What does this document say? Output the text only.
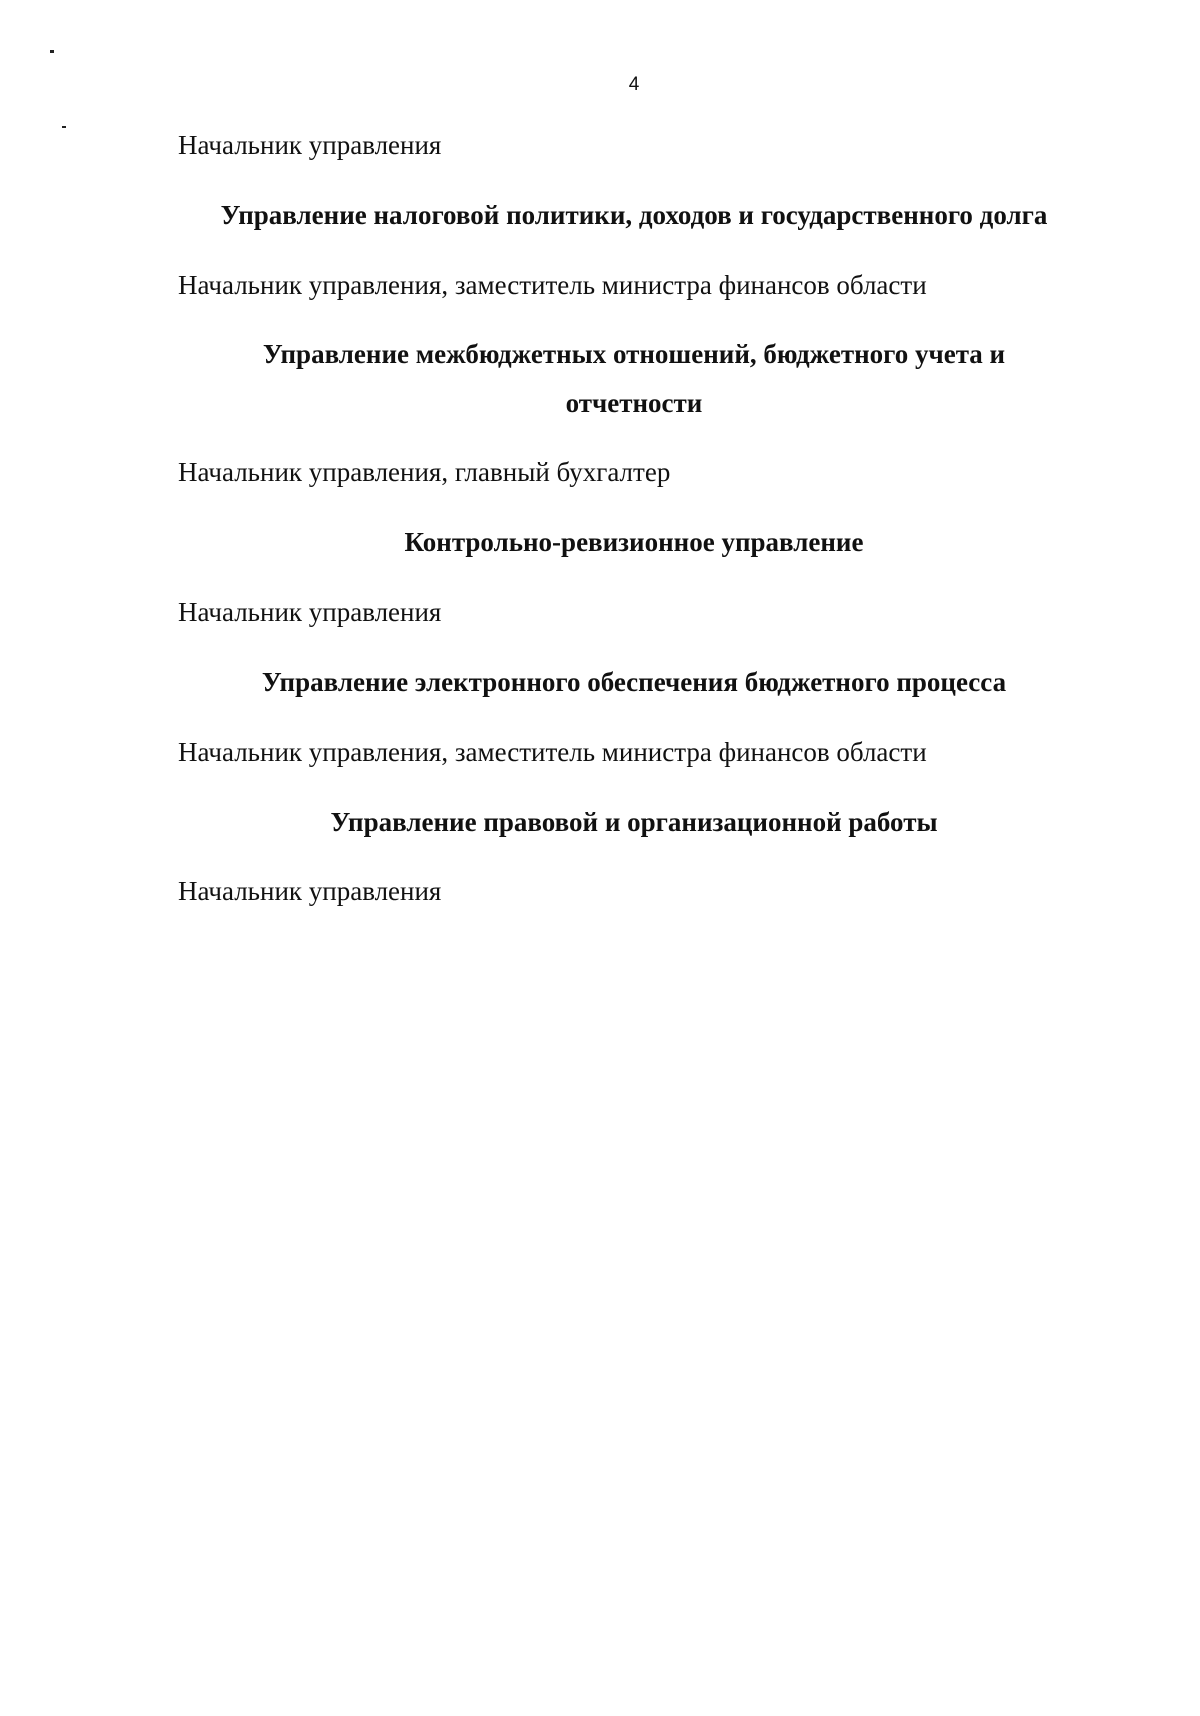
4
Начальник управления
Управление налоговой политики, доходов и государственного долга
Начальник управления, заместитель министра финансов области
Управление межбюджетных отношений, бюджетного учета и
отчетности
Начальник управления, главный бухгалтер
Контрольно-ревизионное управление
Начальник управления
Управление электронного обеспечения бюджетного процесса
Начальник управления, заместитель министра финансов области
Управление правовой и организационной работы
Начальник управления
